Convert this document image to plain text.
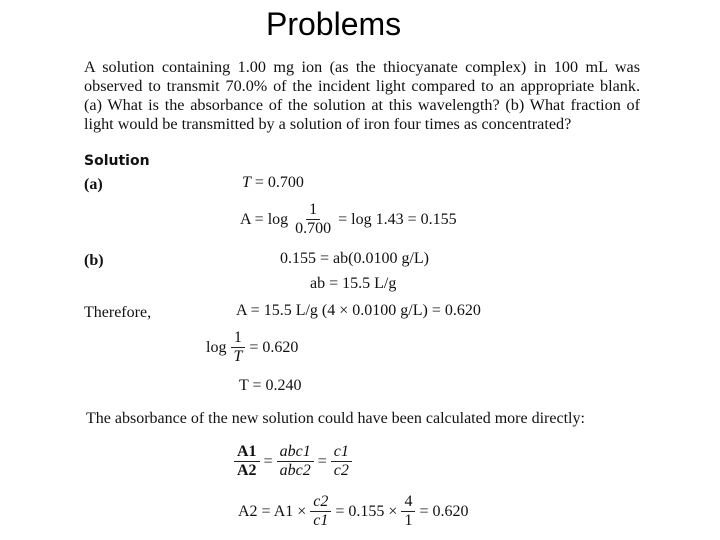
Problems
A solution containing 1.00 mg ion (as the thiocyanate complex) in 100 mL was observed to transmit 70.0% of the incident light compared to an appropriate blank. (a) What is the absorbance of the solution at this wavelength? (b) What fraction of light would be transmitted by a solution of iron four times as concentrated?
Solution
(a)	T
= 0.700
$A = \log \frac{1}{0.700} = \log 1.43 = 0.155$
(b)	0.155 = ab(0.0100 g/L)
ab = 15.5 L/g
Therefore,	A = 15.5 L/g (4 × 0.0100 g/L) = 0.620
$\log \frac{1}{T} = 0.620$
T = 0.240
The absorbance of the new solution could have been calculated more directly:
$\frac{A1}{A2} = \frac{\text{abc1}}{\text{abc2}} = \frac{c1}{c2}$
$A2 = A1 \times \frac{c2}{c1} = 0.155 \times \frac{4}{1} = 0.620$
